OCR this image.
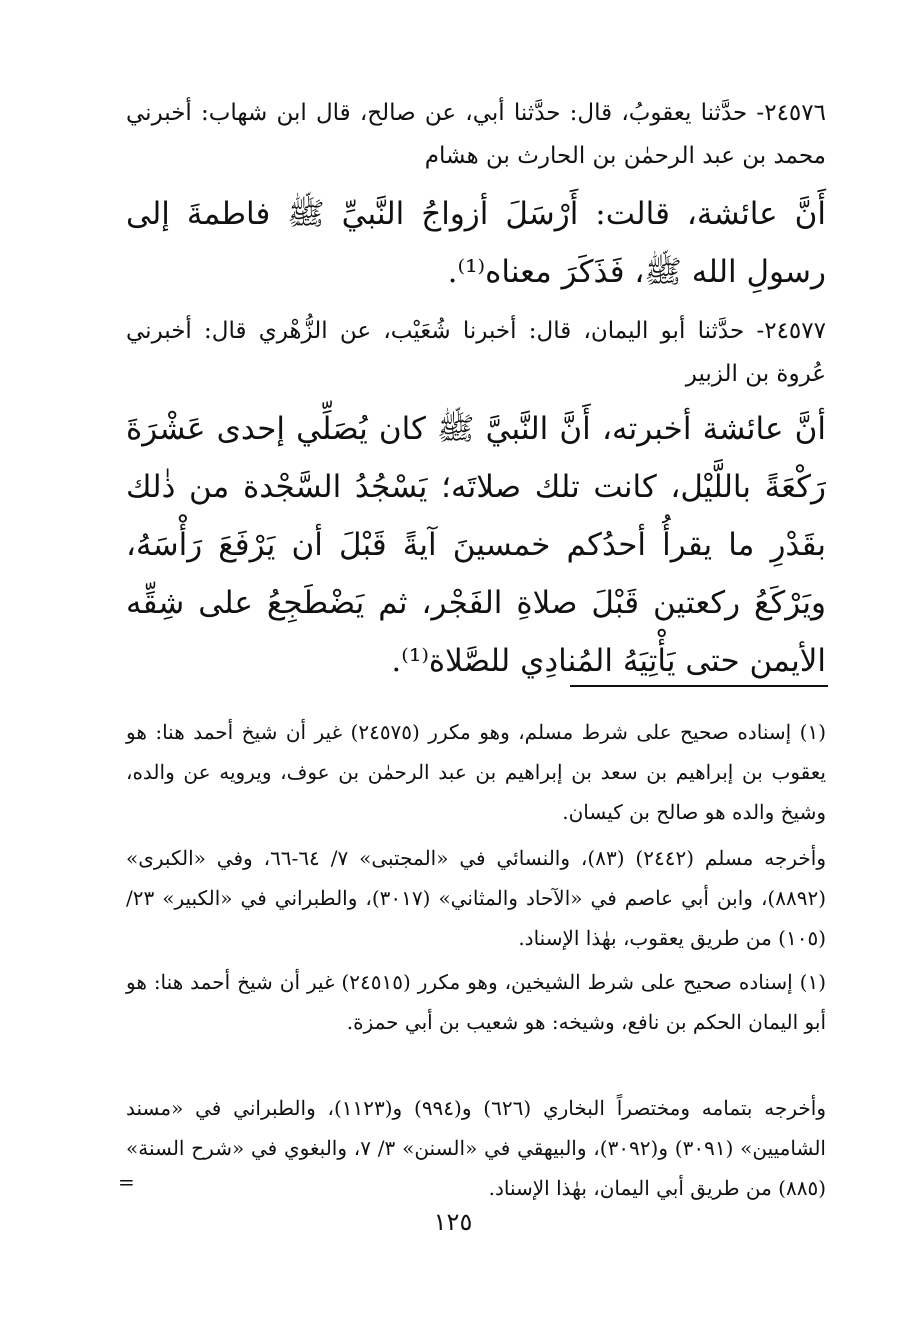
٢٤٥٧٦- حدَّثنا يعقوبُ، قال: حدَّثنا أبي، عن صالح، قال ابن شهاب: أخبرني محمد بن عبد الرحمٰن بن الحارث بن هشام

أَنَّ عائشة، قالت: أَرْسَلَ أزواجُ النَّبيِّ ﷺ فاطمةَ إلى رسولِ الله ﷺ، فَذَكَرَ معناه⁽¹⁾.

٢٤٥٧٧- حدَّثنا أبو اليمان، قال: أخبرنا شُعَيْب، عن الزُّهْري قال: أخبرني عُروة بن الزبير

أنَّ عائشة أخبرته، أَنَّ النَّبيَّ ﷺ كان يُصَلِّي إحدى عَشْرَةَ رَكْعَةً باللَّيْل، كانت تلك صلاتَه؛ يَسْجُدُ السَّجْدة من ذٰلك بقَدْرِ ما يقرأُ أحدُكم خمسينَ آيةً قَبْلَ أن يَرْفَعَ رَأْسَهُ، ويَرْكَعُ ركعتين قَبْلَ صلاةِ الفَجْر، ثم يَضْطَجِعُ على شِقِّه الأيمن حتى يَأْتِيَهُ المُنادِي للصَّلاة⁽¹⁾.

(١) إسناده صحيح على شرط مسلم، وهو مكرر (٢٤٥٧٥) غير أن شيخ أحمد هنا: هو يعقوب بن إبراهيم بن سعد بن إبراهيم بن عبد الرحمٰن بن عوف، ويرويه عن والده، وشيخ والده هو صالح بن كيسان.

وأخرجه مسلم (٢٤٤٢) (٨٣)، والنسائي في «المجتبى» ٧/ ٦٤-٦٦، وفي «الكبرى» (٨٨٩٢)، وابن أبي عاصم في «الآحاد والمثاني» (٣٠١٧)، والطبراني في «الكبير» ٢٣/ (١٠٥) من طريق يعقوب، بهٰذا الإسناد.

(١) إسناده صحيح على شرط الشيخين، وهو مكرر (٢٤٥١٥) غير أن شيخ أحمد هنا: هو أبو اليمان الحكم بن نافع، وشيخه: هو شعيب بن أبي حمزة.

وأخرجه بتمامه ومختصراً البخاري (٦٢٦) و(٩٩٤) و(١١٢٣)، والطبراني في «مسند الشاميين» (٣٠٩١) و(٣٠٩٢)، والبيهقي في «السنن» ٣/ ٧، والبغوي في «شرح السنة» (٨٨٥) من طريق أبي اليمان، بهٰذا الإسناد.

=
١٢٥
